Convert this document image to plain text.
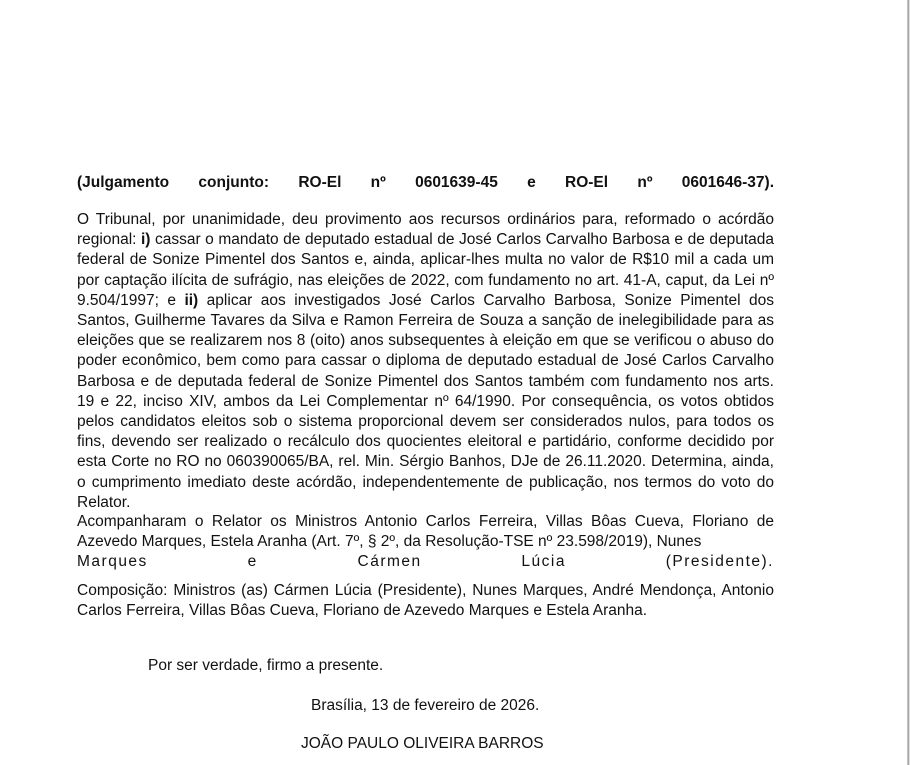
(Julgamento conjunto: RO-El nº 0601639-45 e RO-El nº 0601646-37).

O Tribunal, por unanimidade, deu provimento aos recursos ordinários para, reformado o acórdão regional: i) cassar o mandato de deputado estadual de José Carlos Carvalho Barbosa e de deputada federal de Sonize Pimentel dos Santos e, ainda, aplicar-lhes multa no valor de R$10 mil a cada um por captação ilícita de sufrágio, nas eleições de 2022, com fundamento no art. 41-A, caput, da Lei nº 9.504/1997; e ii) aplicar aos investigados José Carlos Carvalho Barbosa, Sonize Pimentel dos Santos, Guilherme Tavares da Silva e Ramon Ferreira de Souza a sanção de inelegibilidade para as eleições que se realizarem nos 8 (oito) anos subsequentes à eleição em que se verificou o abuso do poder econômico, bem como para cassar o diploma de deputado estadual de José Carlos Carvalho Barbosa e de deputada federal de Sonize Pimentel dos Santos também com fundamento nos arts. 19 e 22, inciso XIV, ambos da Lei Complementar nº 64/1990. Por consequência, os votos obtidos pelos candidatos eleitos sob o sistema proporcional devem ser considerados nulos, para todos os fins, devendo ser realizado o recálculo dos quocientes eleitoral e partidário, conforme decidido por esta Corte no RO no 060390065/BA, rel. Min. Sérgio Banhos, DJe de 26.11.2020. Determina, ainda, o cumprimento imediato deste acórdão, independentemente de publicação, nos termos do voto do Relator.

Acompanharam o Relator os Ministros Antonio Carlos Ferreira, Villas Bôas Cueva, Floriano de Azevedo Marques, Estela Aranha (Art. 7º, § 2º, da Resolução-TSE nº 23.598/2019), Nunes
Marques e Cármen Lúcia (Presidente).

Composição: Ministros (as) Cármen Lúcia (Presidente), Nunes Marques, André Mendonça, Antonio Carlos Ferreira, Villas Bôas Cueva, Floriano de Azevedo Marques e Estela Aranha.

Por ser verdade, firmo a presente.

Brasília, 13 de fevereiro de 2026.

JOÃO PAULO OLIVEIRA BARROS
